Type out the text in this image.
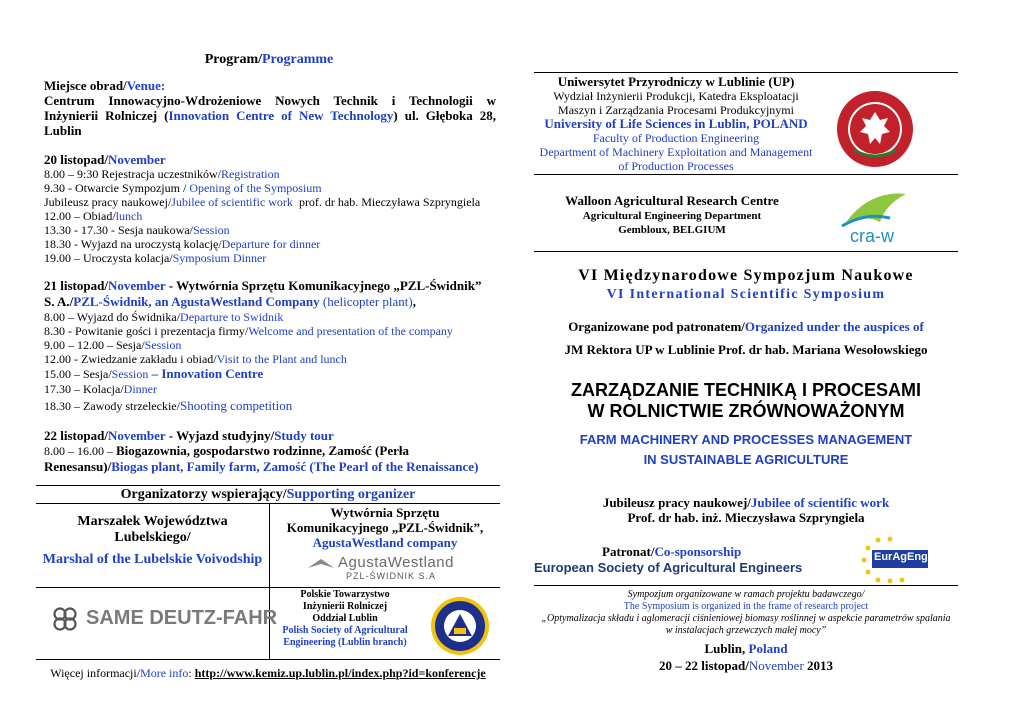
Program/Programme
Miejsce obrad/Venue:
Centrum Innowacyjno-Wdrożeniowe Nowych Technik i Technologii w
Inżynierii Rolniczej (Innovation Centre of New Technology) ul. Głęboka 28,
Lublin
20 listopad/November
8.00 – 9:30 Rejestracja uczestników/Registration
9.30 - Otwarcie Sympozjum / Opening of the Symposium
Jubileusz pracy naukowej/Jubilee of scientific work  prof. dr hab. Mieczyława Szpryngiela
12.00 – Obiad/lunch
13.30 - 17.30 - Sesja naukowa/Session
18.30 - Wyjazd na uroczystą kolację/Departure for dinner
19.00 – Uroczysta kolacja/Symposium Dinner
21 listopad/November - Wytwórnia Sprzętu Komunikacyjnego „PZL-Świdnik”
S. A./PZL-Świdnik, an AgustaWestland Company (helicopter plant),
8.00 – Wyjazd do Świdnika/Departure to Swidnik
8.30 - Powitanie gości i prezentacja firmy/Welcome and presentation of the company
9.00 – 12.00 – Sesja/Session
12.00 - Zwiedzanie zakładu i obiad/Visit to the Plant and lunch
15.00 – Sesja/Session – Innovation Centre
17.30 – Kolacja/Dinner
18.30 – Zawody strzeleckie/Shooting competition
22 listopad/November - Wyjazd studyjny/Study tour
8.00 – 16.00 – Biogazownia, gospodarstwo rodzinne, Zamość (Perła
Renesansu)/Biogas plant, Family farm, Zamość (The Pearl of the Renaissance)
Organizatorzy wspierający/Supporting organizer
Marszałek Województwa
Lubelskiego/
Marshal of the Lubelskie Voivodship
Wytwórnia Sprzętu
Komunikacyjnego „PZL-Świdnik”,
AgustaWestland company
AgustaWestland
PZL-ŚWIDNIK S.A
SAME DEUTZ-FAHR
Polskie Towarzystwo
Inżynierii Rolniczej
Oddział Lublin
Polish Society of Agricultural
Engineering (Lublin branch)
Więcej informacji/More info: http://www.kemiz.up.lublin.pl/index.php?id=konferencje
Uniwersytet Przyrodniczy w Lublinie (UP)
Wydział Inżynierii Produkcji, Katedra Eksploatacji
Maszyn i Zarządzania Procesami Produkcyjnymi
University of Life Sciences in Lublin, POLAND
Faculty of Production Engineering
Department of Machinery Exploitation and Management
of Production Processes
Walloon Agricultural Research Centre
Agricultural Engineering Department
Gembloux, BELGIUM	cra-w
VI Międzynarodowe Sympozjum Naukowe
VI International Scientific Symposium
Organizowane pod patronatem/Organized under the auspices of
JM Rektora UP w Lublinie Prof. dr hab. Mariana Wesołowskiego
ZARZĄDZANIE TECHNIKĄ I PROCESAMI
W ROLNICTWIE ZRÓWNOWAŻONYM
FARM MACHINERY AND PROCESSES MANAGEMENT
IN SUSTAINABLE AGRICULTURE
Jubileusz pracy naukowej/Jubilee of scientific work
Prof. dr hab. inż. Mieczysława Szpryngiela
Patronat/Co-sponsorship
European Society of Agricultural Engineers
EurAgEng
Sympozjum organizowane w ramach projektu badawczego/
The Symposium is organized in the frame of research project
„Optymalizacja składu i aglomeracji ciśnieniowej biomasy roślinnej w aspekcie parametrów spalania
w instalacjach grzewczych małej mocy”
Lublin, Poland
20 – 22 listopad/November 2013
